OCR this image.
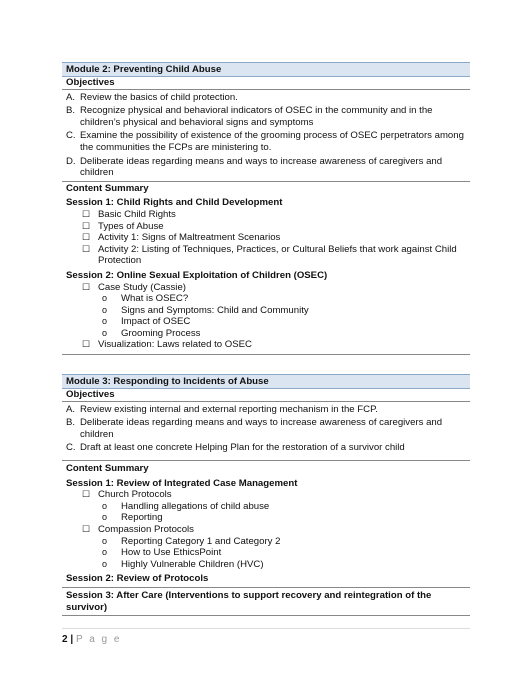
Module 2: Preventing Child Abuse
Objectives
A. Review the basics of child protection.
B. Recognize physical and behavioral indicators of OSEC in the community and in the children’s physical and behavioral signs and symptoms
C. Examine the possibility of existence of the grooming process of OSEC perpetrators among the communities the FCPs are ministering to.
D. Deliberate ideas regarding means and ways to increase awareness of caregivers and children
Content Summary
Session 1: Child Rights and Child Development
☐ Basic Child Rights
☐ Types of Abuse
☐ Activity 1: Signs of Maltreatment Scenarios
☐ Activity 2: Listing of Techniques, Practices, or Cultural Beliefs that work against Child Protection
Session 2: Online Sexual Exploitation of Children (OSEC)
☐ Case Study (Cassie)
o	What is OSEC?
o	Signs and Symptoms: Child and Community
o	Impact of OSEC
o	Grooming Process
☐ Visualization: Laws related to OSEC
Module 3: Responding to Incidents of Abuse
Objectives
A. Review existing internal and external reporting mechanism in the FCP.
B. Deliberate ideas regarding means and ways to increase awareness of caregivers and children
C. Draft at least one concrete Helping Plan for the restoration of a survivor child
Content Summary
Session 1: Review of Integrated Case Management
☐ Church Protocols
o	Handling allegations of child abuse
o	Reporting
☐ Compassion Protocols
o	Reporting Category 1 and Category 2
o	How to Use EthicsPoint
o	Highly Vulnerable Children (HVC)
Session 2: Review of Protocols
Session 3: After Care (Interventions to support recovery and reintegration of the survivor)
2 | P a g e
